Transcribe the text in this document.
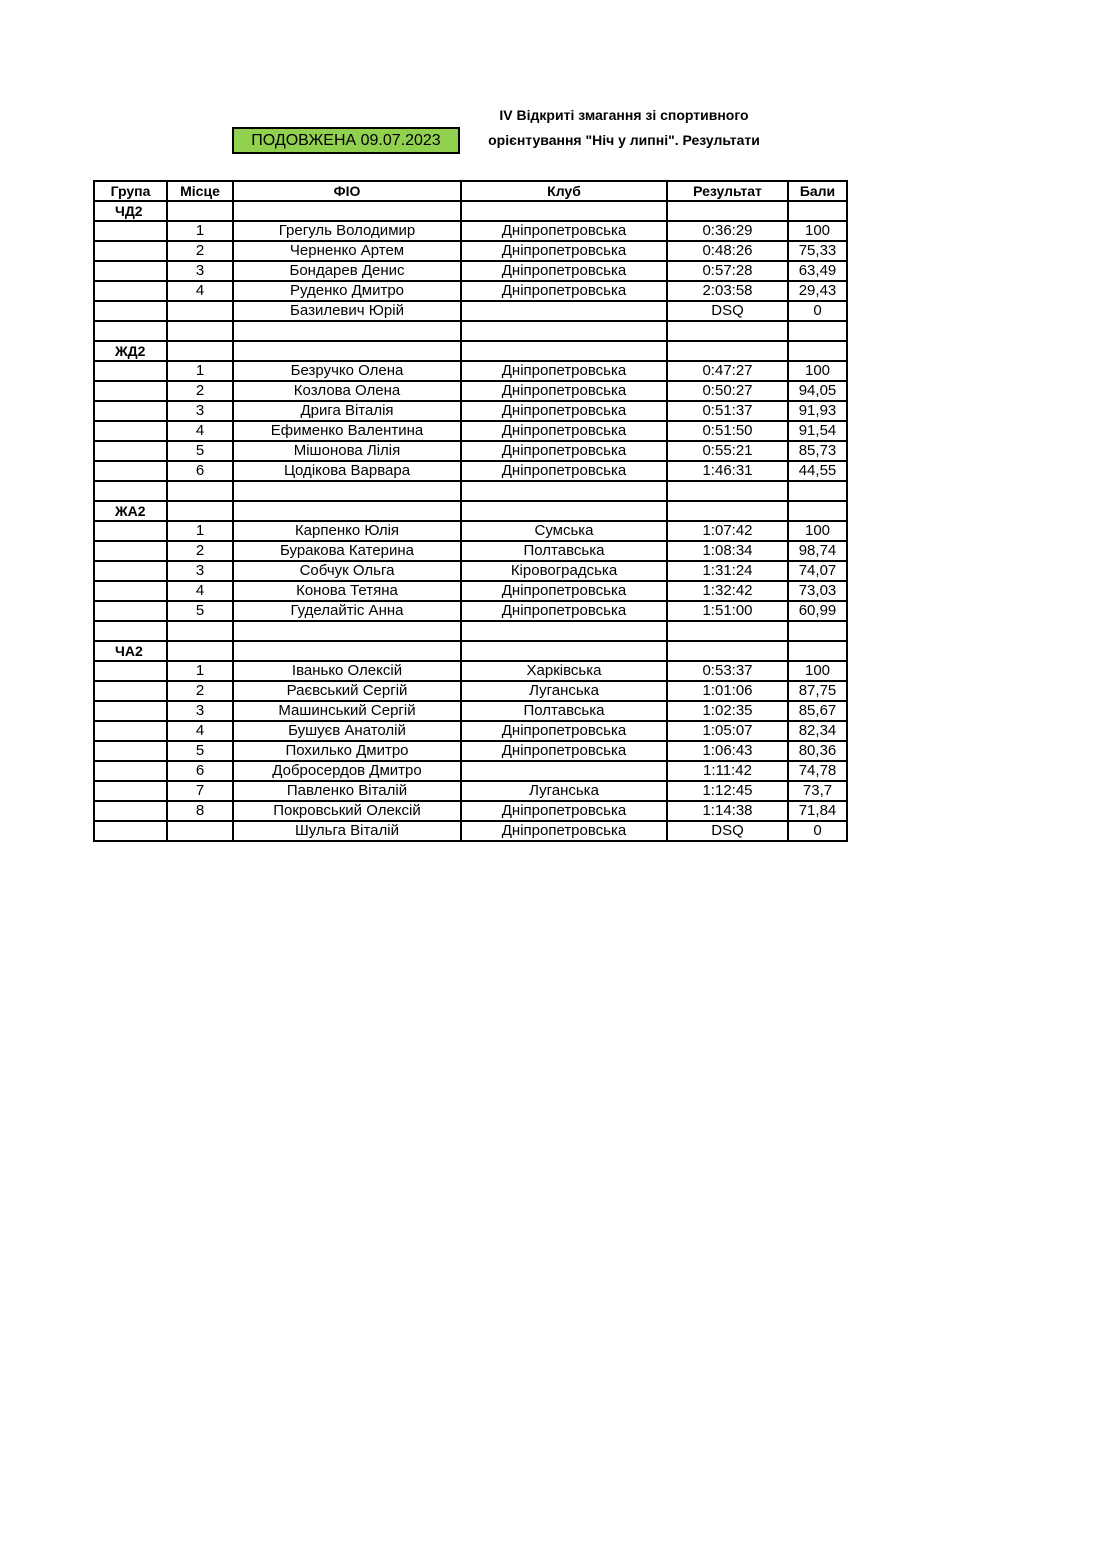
ПОДОВЖЕНА 09.07.2023
IV Відкриті змагання зі спортивного
орієнтування "Ніч у липні". Результати
Група	Місце	ФІО	Клуб	Результат	Бали
ЧД2					
	1	Грегуль Володимир	Дніпропетровська	0:36:29	100
	2	Черненко Артем	Дніпропетровська	0:48:26	75,33
	3	Бондарев Денис	Дніпропетровська	0:57:28	63,49
	4	Руденко Дмитро	Дніпропетровська	2:03:58	29,43
		Базилевич Юрій		DSQ	0

ЖД2					
	1	Безручко Олена	Дніпропетровська	0:47:27	100
	2	Козлова Олена	Дніпропетровська	0:50:27	94,05
	3	Дрига Віталія	Дніпропетровська	0:51:37	91,93
	4	Ефименко Валентина	Дніпропетровська	0:51:50	91,54
	5	Мішонова Лілія	Дніпропетровська	0:55:21	85,73
	6	Цодікова Варвара	Дніпропетровська	1:46:31	44,55

ЖА2					
	1	Карпенко Юлія	Сумська	1:07:42	100
	2	Буракова Катерина	Полтавська	1:08:34	98,74
	3	Собчук Ольга	Кіровоградська	1:31:24	74,07
	4	Конова Тетяна	Дніпропетровська	1:32:42	73,03
	5	Гуделайтіс Анна	Дніпропетровська	1:51:00	60,99

ЧА2					
	1	Іванько Олексій	Харківська	0:53:37	100
	2	Раєвський Сергій	Луганська	1:01:06	87,75
	3	Машинський Сергій	Полтавська	1:02:35	85,67
	4	Бушуєв Анатолій	Дніпропетровська	1:05:07	82,34
	5	Похилько Дмитро	Дніпропетровська	1:06:43	80,36
	6	Добросердов Дмитро		1:11:42	74,78
	7	Павленко Віталій	Луганська	1:12:45	73,7
	8	Покровський Олексій	Дніпропетровська	1:14:38	71,84
		Шульга Віталій	Дніпропетровська	DSQ	0
